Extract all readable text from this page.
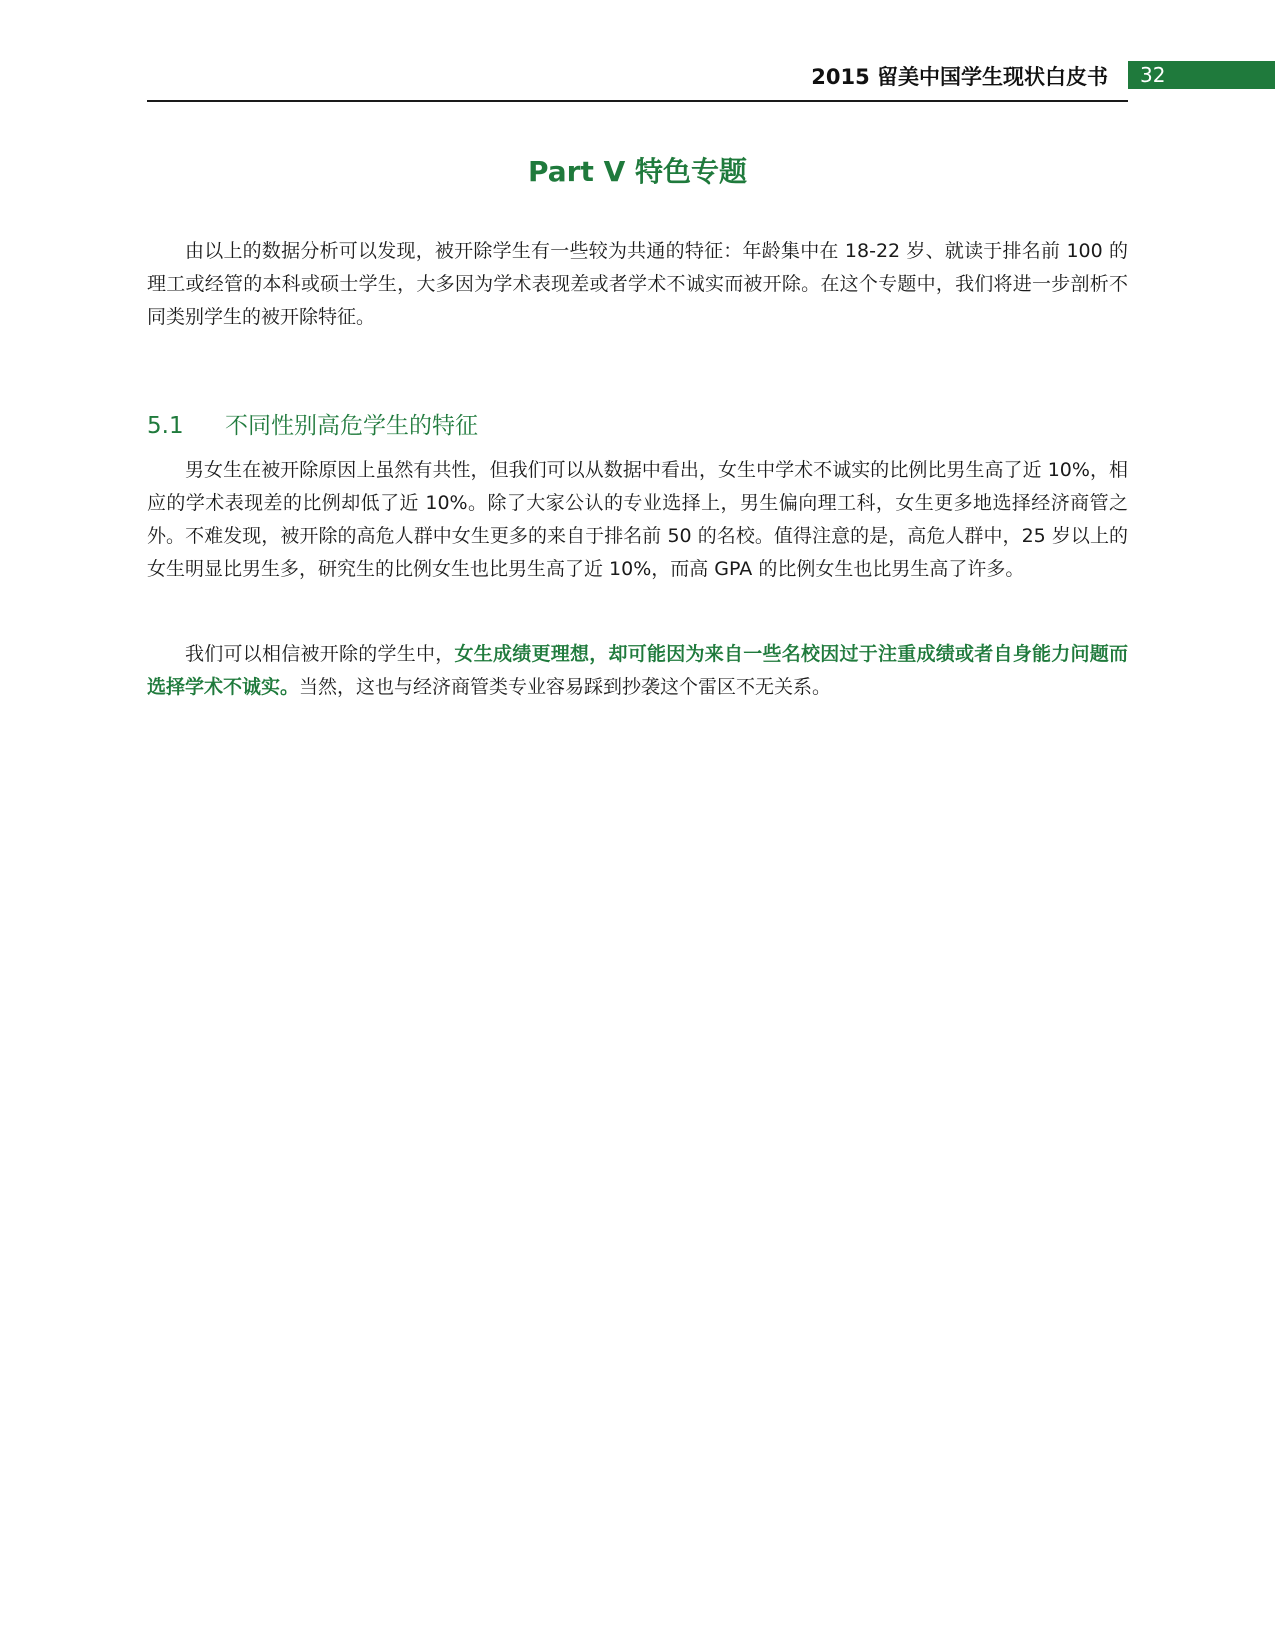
2015 留美中国学生现状白皮书	32
Part V 特色专题

由以上的数据分析可以发现，被开除学生有一些较为共通的特征：年龄集中在 18-22 岁、就读于排名前 100 的理工或经管的本科或硕士学生，大多因为学术表现差或者学术不诚实而被开除。在这个专题中，我们将进一步剖析不同类别学生的被开除特征。

5.1 不同性别高危学生的特征

男女生在被开除原因上虽然有共性，但我们可以从数据中看出，女生中学术不诚实的比例比男生高了近 10%，相应的学术表现差的比例却低了近 10%。除了大家公认的专业选择上，男生偏向理工科，女生更多地选择经济商管之外。不难发现，被开除的高危人群中女生更多的来自于排名前 50 的名校。值得注意的是，高危人群中，25 岁以上的女生明显比男生多，研究生的比例女生也比男生高了近 10%，而高 GPA 的比例女生也比男生高了许多。

我们可以相信被开除的学生中，女生成绩更理想，却可能因为来自一些名校因过于注重成绩或者自身能力问题而选择学术不诚实。当然，这也与经济商管类专业容易踩到抄袭这个雷区不无关系。
